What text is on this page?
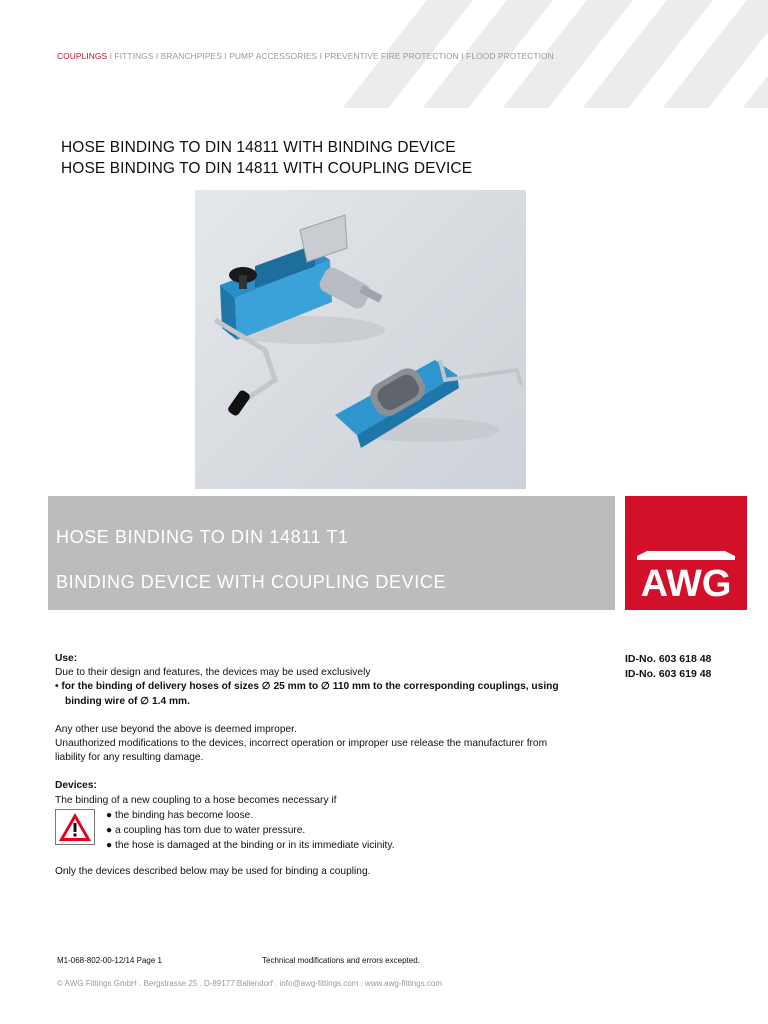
COUPLINGS I FITTINGS I BRANCHPIPES I PUMP ACCESSORIES I PREVENTIVE FIRE PROTECTION I FLOOD PROTECTION
HOSE BINDING TO DIN 14811 WITH BINDING DEVICE
HOSE BINDING TO DIN 14811 WITH COUPLING DEVICE
HOSE BINDING TO DIN 14811 T1
BINDING DEVICE WITH COUPLING DEVICE	AWG
ID-No. 603 618 48
ID-No. 603 619 48
Use:
Due to their design and features, the devices may be used exclusively
• for the binding of delivery hoses of sizes ∅ 25 mm to ∅ 110 mm to the corresponding couplings, using
binding wire of ∅ 1.4 mm.
Any other use beyond the above is deemed improper.
Unauthorized modifications to the devices, incorrect operation or improper use release the manufacturer from
liability for any resulting damage.
Devices:
The binding of a new coupling to a hose becomes necessary if
● the binding has become loose.
● a coupling has torn due to water pressure.
● the hose is damaged at the binding or in its immediate vicinity.
Only the devices described below may be used for binding a coupling.
M1-068-802-00-12/14 Page 1	Technical modifications and errors excepted.
© AWG Fittings GmbH . Bergstrasse 25 . D-89177 Ballendorf . info@awg-fittings.com . www.awg-fittings.com
